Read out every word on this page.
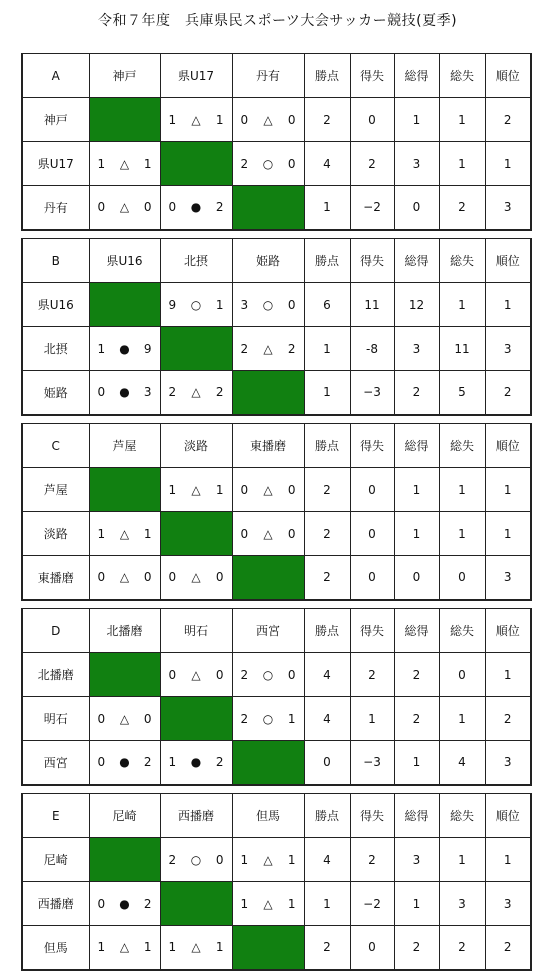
令和７年度　兵庫県民スポーツ大会サッカー競技(夏季)
A	神戸	県U17	丹有	勝点	得失	総得	総失	順位
神戸		1 △ 1	0 △ 0	2	0	1	1	2
県U17	1 △ 1		2 ○ 0	4	2	3	1	1
丹有	0 △ 0	0 ● 2		1	−2	0	2	3
B	県U16	北摂	姫路	勝点	得失	総得	総失	順位
県U16		9 ○ 1	3 ○ 0	6	11	12	1	1
北摂	1 ● 9		2 △ 2	1	-8	3	11	3
姫路	0 ● 3	2 △ 2		1	−3	2	5	2
C	芦屋	淡路	東播磨	勝点	得失	総得	総失	順位
芦屋		1 △ 1	0 △ 0	2	0	1	1	1
淡路	1 △ 1		0 △ 0	2	0	1	1	1
東播磨	0 △ 0	0 △ 0		2	0	0	0	3
D	北播磨	明石	西宮	勝点	得失	総得	総失	順位
北播磨		0 △ 0	2 ○ 0	4	2	2	0	1
明石	0 △ 0		2 ○ 1	4	1	2	1	2
西宮	0 ● 2	1 ● 2		0	−3	1	4	3
E	尼崎	西播磨	但馬	勝点	得失	総得	総失	順位
尼崎		2 ○ 0	1 △ 1	4	2	3	1	1
西播磨	0 ● 2		1 △ 1	1	−2	1	3	3
但馬	1 △ 1	1 △ 1		2	0	2	2	2
